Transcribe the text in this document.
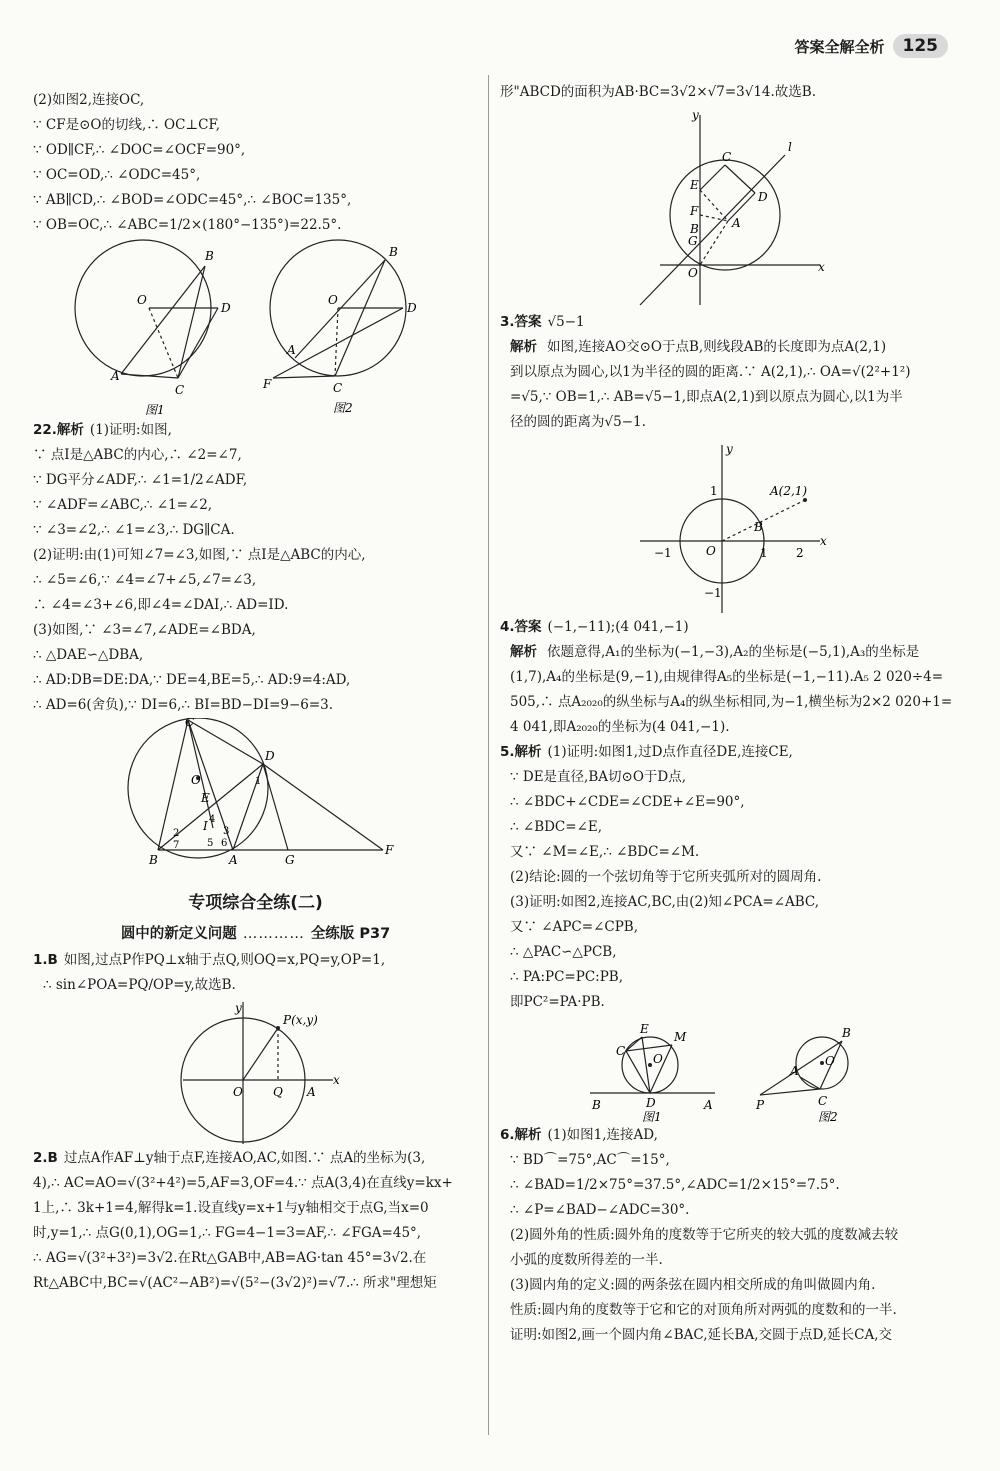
答案全解全析	125
(2)如图2,连接OC,
∵ CF是⊙O的切线,∴ OC⊥CF,
∵ OD∥CF,∴ ∠DOC=∠OCF=90°,
∵ OC=OD,∴ ∠ODC=45°,
∵ AB∥CD,∴ ∠BOD=∠ODC=45°,∴ ∠BOC=135°,
∵ OB=OC,∴ ∠ABC=1/2×(180°−135°)=22.5°.
B
O
D
A
C
B
O
D
A
F	C
图1	图2
22.解析 (1)证明:如图,
∵ 点I是△ABC的内心,∴ ∠2=∠7,
∵ DG平分∠ADF,∴ ∠1=1/2∠ADF,
∵ ∠ADF=∠ABC,∴ ∠1=∠2,
∵ ∠3=∠2,∴ ∠1=∠3,∴ DG∥CA.
(2)证明:由(1)可知∠7=∠3,如图,∵ 点I是△ABC的内心,
∴ ∠5=∠6,∵ ∠4=∠7+∠5,∠7=∠3,
∴ ∠4=∠3+∠6,即∠4=∠DAI,∴ AD=ID.
(3)如图,∵ ∠3=∠7,∠ADE=∠BDA,
∴ △DAE∽△DBA,
∴ AD:DB=DE:DA,∵ DE=4,BE=5,∴ AD:9=4:AD,
∴ AD=6(舍负),∵ DI=6,∴ BI=BD−DI=9−6=3.
C
D
O
E
I
B	A	G
F
1
2	3
4
5 6
7
专项综合全练(二)
圆中的新定义问题 ………… 全练版 P37
1.B 如图,过点P作PQ⊥x轴于点Q,则OQ=x,PQ=y,OP=1,
∴ sin∠POA=PQ/OP=y,故选B.
O	Q A
x
y
P(x,y)
2.B 过点A作AF⊥y轴于点F,连接AO,AC,如图.∵ 点A的坐标为(3,
4),∴ AC=AO=√(3²+4²)=5,AF=3,OF=4.∵ 点A(3,4)在直线y=kx+
1上,∴ 3k+1=4,解得k=1.设直线y=x+1与y轴相交于点G,当x=0
时,y=1,∴ 点G(0,1),OG=1,∴ FG=4−1=3=AF,∴ ∠FGA=45°,
∴ AG=√(3²+3²)=3√2.在Rt△GAB中,AB=AG·tan 45°=3√2.在
Rt△ABC中,BC=√(AC²−AB²)=√(5²−(3√2)²)=√7.∴ 所求"理想矩
形"ABCD的面积为AB·BC=3√2×√7=3√14.故选B.
y
C
l
E
D
F
A
G
O	x
B
3.答案 √5−1
解析 如图,连接AO交⊙O于点B,则线段AB的长度即为点A(2,1)
到以原点为圆心,以1为半径的圆的距离.∵ A(2,1),∴ OA=√(2²+1²)
=√5,∵ OB=1,∴ AB=√5−1,即点A(2,1)到以原点为圆心,以1为半
径的圆的距离为√5−1.
y
x
O
B
−1	1 2
1
−1
A(2,1)
4.答案 (−1,−11);(4 041,−1)
解析 依题意得,A₁的坐标为(−1,−3),A₂的坐标是(−5,1),A₃的坐标是
(1,7),A₄的坐标是(9,−1),由规律得A₅的坐标是(−1,−11).A₅ 2 020÷4=
505,∴ 点A₂₀₂₀的纵坐标与A₄的纵坐标相同,为−1,横坐标为2×2 020+1=
4 041,即A₂₀₂₀的坐标为(4 041,−1).
5.解析 (1)证明:如图1,过D点作直径DE,连接CE,
∵ DE是直径,BA切⊙O于D点,
∴ ∠BDC+∠CDE=∠CDE+∠E=90°,
∴ ∠BDC=∠E,
又∵ ∠M=∠E,∴ ∠BDC=∠M.
(2)结论:圆的一个弦切角等于它所夹弧所对的圆周角.
(3)证明:如图2,连接AC,BC,由(2)知∠PCA=∠ABC,
又∵ ∠APC=∠CPB,
∴ △PAC∽△PCB,
∴ PA:PC=PC:PB,
即PC²=PA·PB.
E
M
C
O
D
B	A
B
A
O
P	C
图1	图2
6.解析 (1)如图1,连接AD,
∵ BD⌒=75°,AC⌒=15°,
∴ ∠BAD=1/2×75°=37.5°,∠ADC=1/2×15°=7.5°.
∴ ∠P=∠BAD−∠ADC=30°.
(2)圆外角的性质:圆外角的度数等于它所夹的较大弧的度数减去较
小弧的度数所得差的一半.
(3)圆内角的定义:圆的两条弦在圆内相交所成的角叫做圆内角.
性质:圆内角的度数等于它和它的对顶角所对两弧的度数和的一半.
证明:如图2,画一个圆内角∠BAC,延长BA,交圆于点D,延长CA,交
